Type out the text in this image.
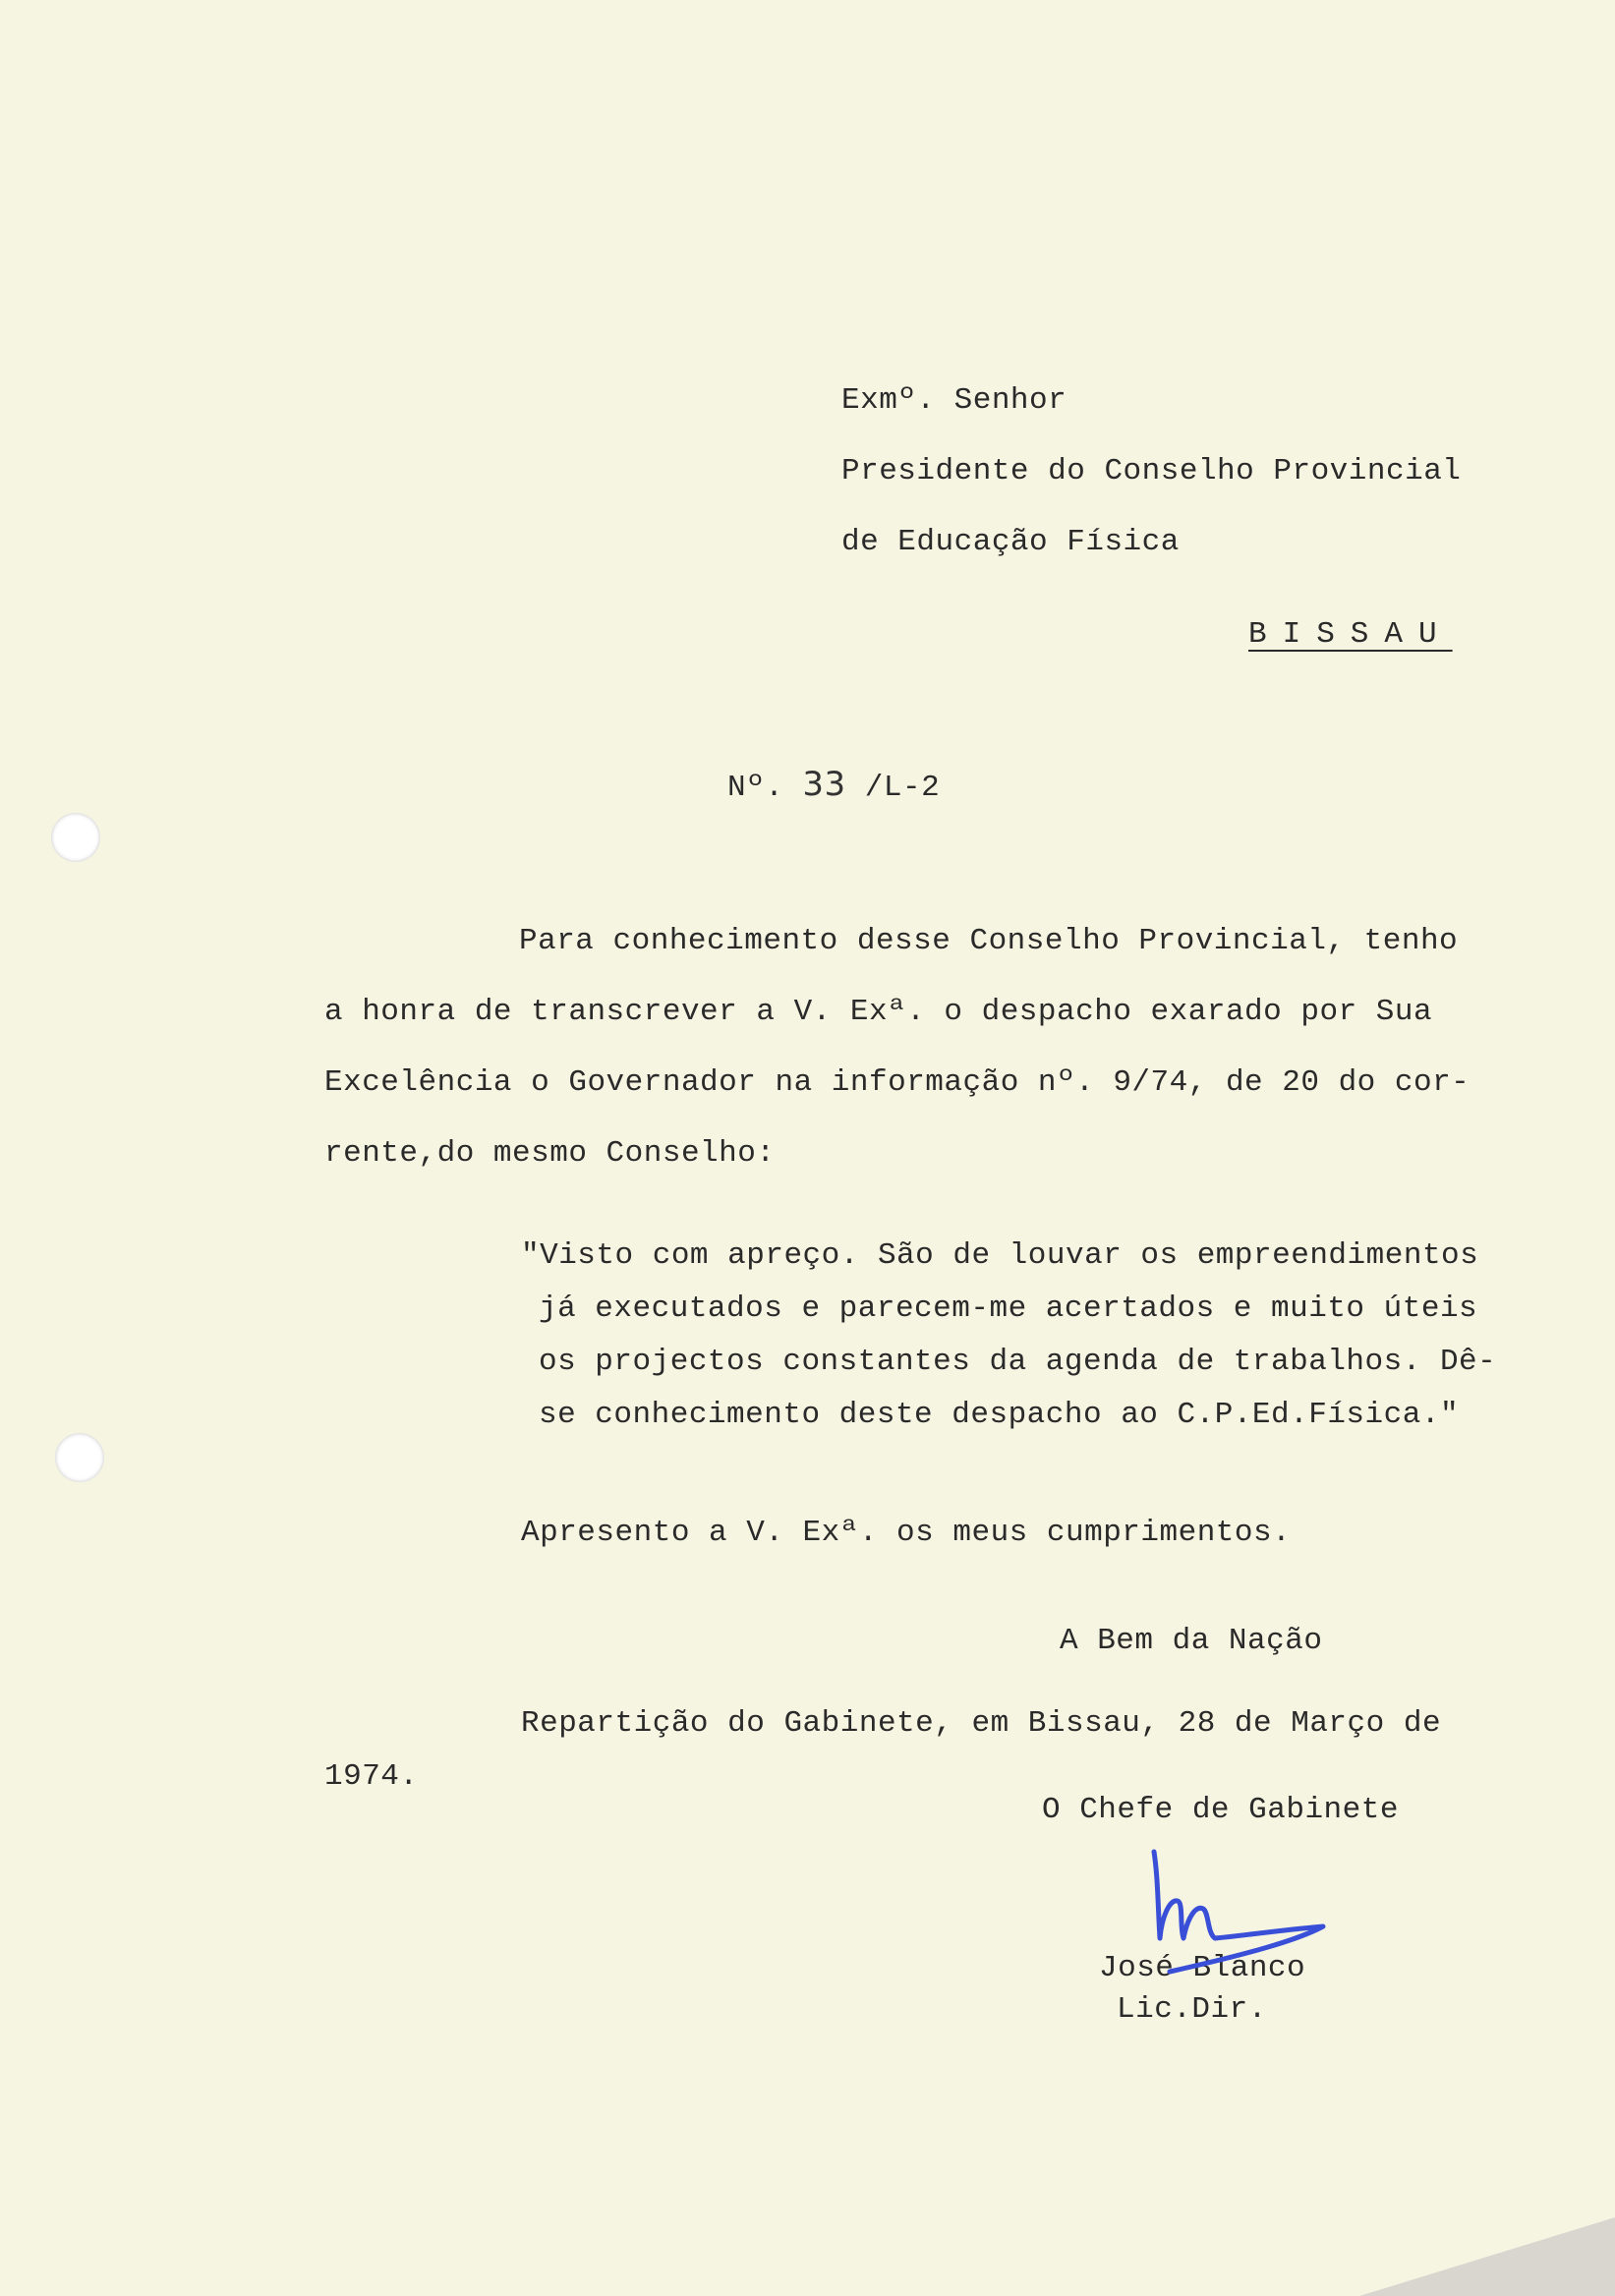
Exmº. Senhor
Presidente do Conselho Provincial
de Educação Física
BISSAU
Nº. 33 /L-2
Para conhecimento desse Conselho Provincial, tenho
a honra de transcrever a V. Exª. o despacho exarado por Sua
Excelência o Governador na informação nº. 9/74, de 20 do cor-
rente,do mesmo Conselho:
"Visto com apreço. São de louvar os empreendimentos
já executados e parecem-me acertados e muito úteis
os projectos constantes da agenda de trabalhos. Dê-
se conhecimento deste despacho ao C.P.Ed.Física."
Apresento a V. Exª. os meus cumprimentos.
A Bem da Nação
Repartição do Gabinete, em Bissau, 28 de Março de
1974.
O Chefe de Gabinete
José Blanco
Lic.Dir.
